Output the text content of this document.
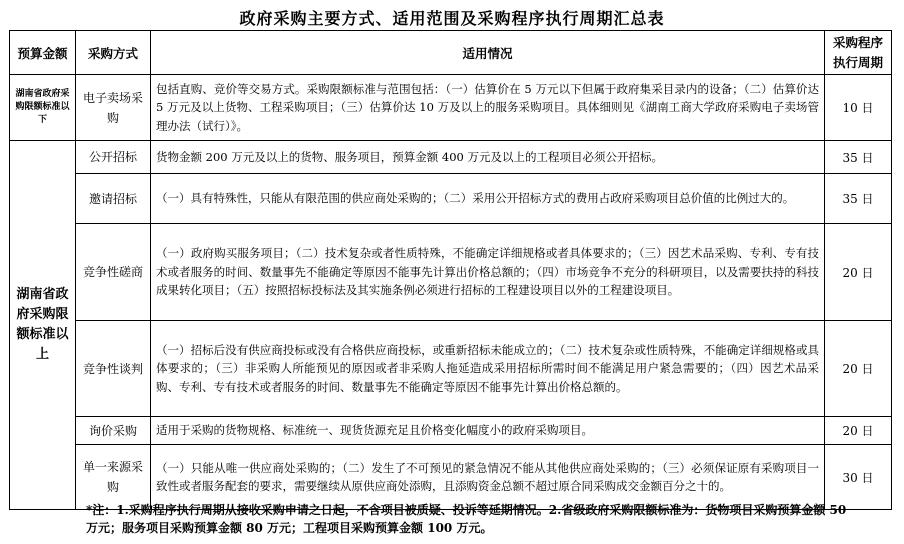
政府采购主要方式、适用范围及采购程序执行周期汇总表
预算金额	采购方式	适用情况	采购程序执行周期
湖南省政府采购限额标准以下	电子卖场采购	包括直购、竞价等交易方式。采购限额标准与范围包括：（一）估算价在 5 万元以下但属于政府集采目录内的设备；（二）估算价达 5 万元及以上货物、工程采购项目；（三）估算价达 10 万及以上的服务采购项目。具体细则见《湖南工商大学政府采购电子卖场管理办法（试行）》。	10 日
湖南省政府采购限额标准以上	公开招标	货物金额 200 万元及以上的货物、服务项目，预算金额 400 万元及以上的工程项目必须公开招标。	35 日
	邀请招标	（一）具有特殊性，只能从有限范围的供应商处采购的；（二）采用公开招标方式的费用占政府采购项目总价值的比例过大的。	35 日
	竞争性磋商	（一）政府购买服务项目；（二）技术复杂或者性质特殊，不能确定详细规格或者具体要求的；（三）因艺术品采购、专利、专有技术或者服务的时间、数量事先不能确定等原因不能事先计算出价格总额的；（四）市场竞争不充分的科研项目，以及需要扶持的科技成果转化项目；（五）按照招标投标法及其实施条例必须进行招标的工程建设项目以外的工程建设项目。	20 日
	竞争性谈判	（一）招标后没有供应商投标或没有合格供应商投标，或重新招标未能成立的；（二）技术复杂或性质特殊，不能确定详细规格或具体要求的；（三）非采购人所能预见的原因或者非采购人拖延造成采用招标所需时间不能满足用户紧急需要的；（四）因艺术品采购、专利、专有技术或者服务的时间、数量事先不能确定等原因不能事先计算出价格总额的。	20 日
	询价采购	适用于采购的货物规格、标准统一、现货货源充足且价格变化幅度小的政府采购项目。	20 日
	单一来源采购	（一）只能从唯一供应商处采购的；（二）发生了不可预见的紧急情况不能从其他供应商处采购的；（三）必须保证原有采购项目一致性或者服务配套的要求，需要继续从原供应商处添购，且添购资金总额不超过原合同采购成交金额百分之十的。	30 日
*注：1.采购程序执行周期从接收采购申请之日起，不含项目被质疑、投诉等延期情况。2.省级政府采购限额标准为：货物项目采购预算金额 50 万元；服务项目采购预算金额 80 万元；工程项目采购预算金额 100 万元。
